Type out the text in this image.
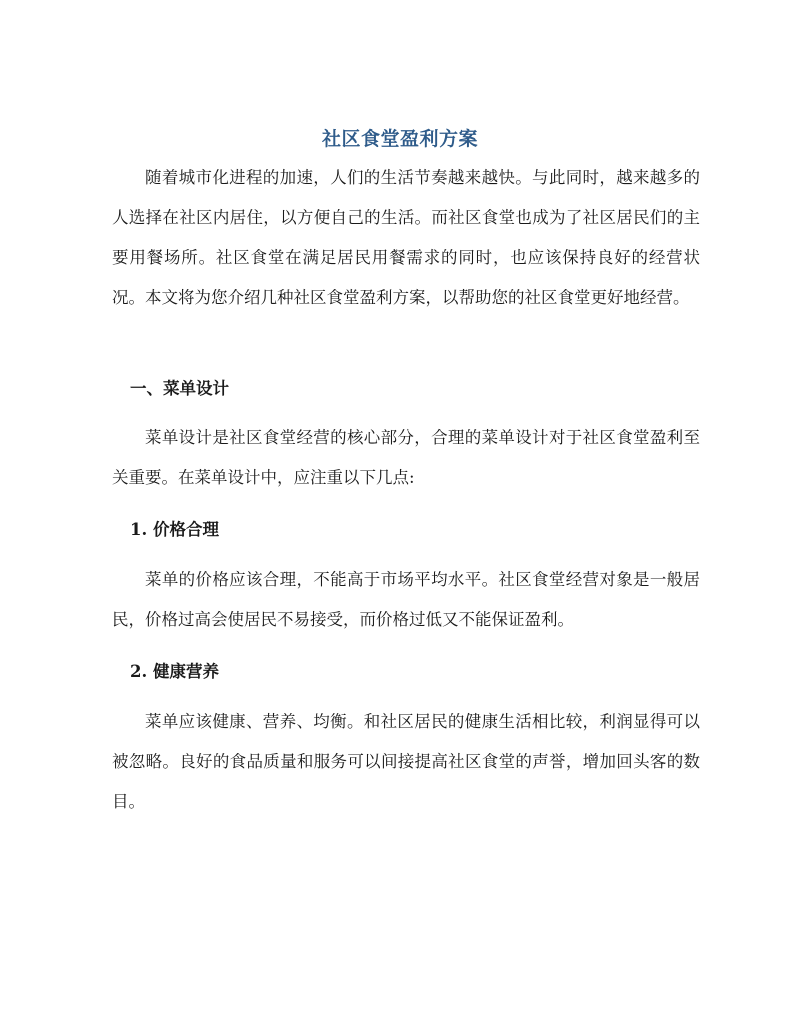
社区食堂盈利方案

随着城市化进程的加速，人们的生活节奏越来越快。与此同时，越来越多的人选择在社区内居住，以方便自己的生活。而社区食堂也成为了社区居民们的主要用餐场所。社区食堂在满足居民用餐需求的同时，也应该保持良好的经营状况。本文将为您介绍几种社区食堂盈利方案，以帮助您的社区食堂更好地经营。

一、菜单设计

菜单设计是社区食堂经营的核心部分，合理的菜单设计对于社区食堂盈利至关重要。在菜单设计中，应注重以下几点:

1. 价格合理

菜单的价格应该合理，不能高于市场平均水平。社区食堂经营对象是一般居民，价格过高会使居民不易接受，而价格过低又不能保证盈利。

2. 健康营养

菜单应该健康、营养、均衡。和社区居民的健康生活相比较，利润显得可以被忽略。良好的食品质量和服务可以间接提高社区食堂的声誉，增加回头客的数目。
